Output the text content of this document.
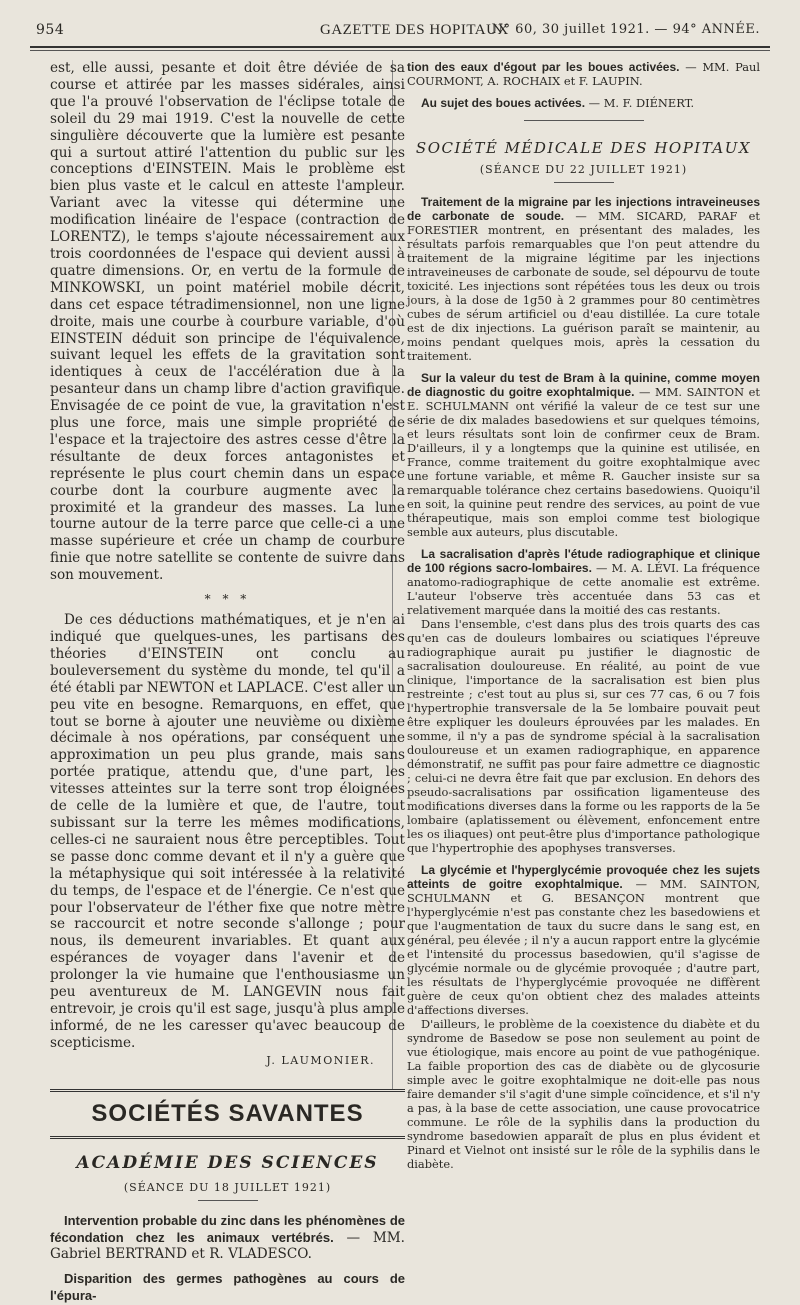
954	GAZETTE DES HOPITAUX
N° 60, 30 juillet 1921. — 94° ANNÉE.

est, elle aussi, pesante et doit être déviée de sa course et attirée par les masses sidérales, ainsi que l'a prouvé l'observation de l'éclipse totale de soleil du 29 mai 1919. C'est la nouvelle de cette singulière découverte que la lumière est pesante qui a surtout attiré l'attention du public sur les conceptions d'EINSTEIN. Mais le problème est bien plus vaste et le calcul en atteste l'ampleur. Variant avec la vitesse qui détermine une modification linéaire de l'espace (contraction de LORENTZ), le temps s'ajoute nécessairement aux trois coordonnées de l'espace qui devient aussi à quatre dimensions. Or, en vertu de la formule de MINKOWSKI, un point matériel mobile décrit, dans cet espace tétradimensionnel, non une ligne droite, mais une courbe à courbure variable, d'où EINSTEIN déduit son principe de l'équivalence, suivant lequel les effets de la gravitation sont identiques à ceux de l'accélération due à la pesanteur dans un champ libre d'action gravifique. Envisagée de ce point de vue, la gravitation n'est plus une force, mais une simple propriété de l'espace et la trajectoire des astres cesse d'être la résultante de deux forces antagonistes et représente le plus court chemin dans un espace courbe dont la courbure augmente avec la proximité et la grandeur des masses. La lune tourne autour de la terre parce que celle-ci a une masse supérieure et crée un champ de courbure finie que notre satellite se contente de suivre dans son mouvement.

* * *

De ces déductions mathématiques, et je n'en ai indiqué que quelques-unes, les partisans des théories d'EINSTEIN ont conclu au bouleversement du système du monde, tel qu'il a été établi par NEWTON et LAPLACE. C'est aller un peu vite en besogne. Remarquons, en effet, que tout se borne à ajouter une neuvième ou dixième décimale à nos opérations, par conséquent une approximation un peu plus grande, mais sans portée pratique, attendu que, d'une part, les vitesses atteintes sur la terre sont trop éloignées de celle de la lumière et que, de l'autre, tout subissant sur la terre les mêmes modifications, celles-ci ne sauraient nous être perceptibles. Tout se passe donc comme devant et il n'y a guère que la métaphysique qui soit intéressée à la relativité du temps, de l'espace et de l'énergie. Ce n'est que pour l'observateur de l'éther fixe que notre mètre se raccourcit et notre seconde s'allonge ; pour nous, ils demeurent invariables. Et quant aux espérances de voyager dans l'avenir et de prolonger la vie humaine que l'enthousiasme un peu aventureux de M. LANGEVIN nous fait entrevoir, je crois qu'il est sage, jusqu'à plus ample informé, de ne les caresser qu'avec beaucoup de scepticisme.

J. LAUMONIER.
SOCIÉTÉS SAVANTES
ACADÉMIE DES SCIENCES
(SÉANCE DU 18 JUILLET 1921)

Intervention probable du zinc dans les phénomènes de fécondation chez les animaux vertébrés. — MM. Gabriel BERTRAND et R. VLADESCO.

Disparition des germes pathogènes au cours de l'épura-

tion des eaux d'égout par les boues activées. — MM. Paul COURMONT, A. ROCHAIX et F. LAUPIN.

Au sujet des boues activées. — M. F. DIÉNERT.

SOCIÉTÉ MÉDICALE DES HOPITAUX
(SÉANCE DU 22 JUILLET 1921)

Traitement de la migraine par les injections intraveineuses de carbonate de soude. — MM. SICARD, PARAF et FORESTIER montrent, en présentant des malades, les résultats parfois remarquables que l'on peut attendre du traitement de la migraine légitime par les injections intraveineuses de carbonate de soude, sel dépourvu de toute toxicité. Les injections sont répétées tous les deux ou trois jours, à la dose de 1g50 à 2 grammes pour 80 centimètres cubes de sérum artificiel ou d'eau distillée. La cure totale est de dix injections. La guérison paraît se maintenir, au moins pendant quelques mois, après la cessation du traitement.

Sur la valeur du test de Bram à la quinine, comme moyen de diagnostic du goitre exophtalmique. — MM. SAINTON et E. SCHULMANN ont vérifié la valeur de ce test sur une série de dix malades basedowiens et sur quelques témoins, et leurs résultats sont loin de confirmer ceux de Bram. D'ailleurs, il y a longtemps que la quinine est utilisée, en France, comme traitement du goitre exophtalmique avec une fortune variable, et même R. Gaucher insiste sur sa remarquable tolérance chez certains basedowiens. Quoiqu'il en soit, la quinine peut rendre des services, au point de vue thérapeutique, mais son emploi comme test biologique semble aux auteurs, plus discutable.

La sacralisation d'après l'étude radiographique et clinique de 100 régions sacro-lombaires. — M. A. LÉVI. La fréquence anatomo-radiographique de cette anomalie est extrême. L'auteur l'observe très accentuée dans 53 cas et relativement marquée dans la moitié des cas restants.

Dans l'ensemble, c'est dans plus des trois quarts des cas qu'en cas de douleurs lombaires ou sciatiques l'épreuve radiographique aurait pu justifier le diagnostic de sacralisation douloureuse. En réalité, au point de vue clinique, l'importance de la sacralisation est bien plus restreinte ; c'est tout au plus si, sur ces 77 cas, 6 ou 7 fois l'hypertrophie transversale de la 5e lombaire pouvait peut être expliquer les douleurs éprouvées par les malades. En somme, il n'y a pas de syndrome spécial à la sacralisation douloureuse et un examen radiographique, en apparence démonstratif, ne suffit pas pour faire admettre ce diagnostic ; celui-ci ne devra être fait que par exclusion. En dehors des pseudo-sacralisations par ossification ligamenteuse des modifications diverses dans la forme ou les rapports de la 5e lombaire (aplatissement ou élèvement, enfoncement entre les os iliaques) ont peut-être plus d'importance pathologique que l'hypertrophie des apophyses transverses.

La glycémie et l'hyperglycémie provoquée chez les sujets atteints de goitre exophtalmique. — MM. SAINTON, SCHULMANN et G. BESANÇON montrent que l'hyperglycémie n'est pas constante chez les basedowiens et que l'augmentation de taux du sucre dans le sang est, en général, peu élevée ; il n'y a aucun rapport entre la glycémie et l'intensité du processus basedowien, qu'il s'agisse de glycémie normale ou de glycémie provoquée ; d'autre part, les résultats de l'hyperglycémie provoquée ne diffèrent guère de ceux qu'on obtient chez des malades atteints d'affections diverses.

D'ailleurs, le problème de la coexistence du diabète et du syndrome de Basedow se pose non seulement au point de vue étiologique, mais encore au point de vue pathogénique. La faible proportion des cas de diabète ou de glycosurie simple avec le goitre exophtalmique ne doit-elle pas nous faire demander s'il s'agit d'une simple coïncidence, et s'il n'y a pas, à la base de cette association, une cause provocatrice commune. Le rôle de la syphilis dans la production du syndrome basedowien apparaît de plus en plus évident et Pinard et Vielnot ont insisté sur le rôle de la syphilis dans le diabète.
